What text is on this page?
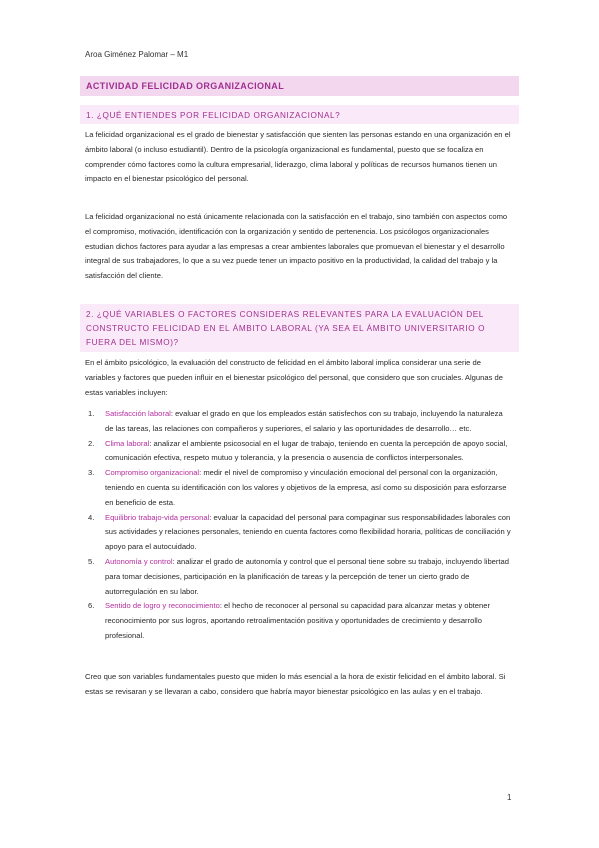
Aroa Giménez Palomar – M1
ACTIVIDAD FELICIDAD ORGANIZACIONAL
1. ¿QUÉ ENTIENDES POR FELICIDAD ORGANIZACIONAL?
La felicidad organizacional es el grado de bienestar y satisfacción que sienten las personas estando en una organización en el ámbito laboral (o incluso estudiantil). Dentro de la psicología organizacional es fundamental, puesto que se focaliza en comprender cómo factores como la cultura empresarial, liderazgo, clima laboral y políticas de recursos humanos tienen un impacto en el bienestar psicológico del personal.
La felicidad organizacional no está únicamente relacionada con la satisfacción en el trabajo, sino también con aspectos como el compromiso, motivación, identificación con la organización y sentido de pertenencia. Los psicólogos organizacionales estudian dichos factores para ayudar a las empresas a crear ambientes laborales que promuevan el bienestar y el desarrollo integral de sus trabajadores, lo que a su vez puede tener un impacto positivo en la productividad, la calidad del trabajo y la satisfacción del cliente.
2. ¿QUÉ VARIABLES O FACTORES CONSIDERAS RELEVANTES PARA LA EVALUACIÓN DEL CONSTRUCTO FELICIDAD EN EL ÁMBITO LABORAL (YA SEA EL ÁMBITO UNIVERSITARIO O FUERA DEL MISMO)?
En el ámbito psicológico, la evaluación del constructo de felicidad en el ámbito laboral implica considerar una serie de variables y factores que pueden influir en el bienestar psicológico del personal, que considero que son cruciales. Algunas de estas variables incluyen:
1. Satisfacción laboral: evaluar el grado en que los empleados están satisfechos con su trabajo, incluyendo la naturaleza de las tareas, las relaciones con compañeros y superiores, el salario y las oportunidades de desarrollo… etc.
2. Clima laboral: analizar el ambiente psicosocial en el lugar de trabajo, teniendo en cuenta la percepción de apoyo social, comunicación efectiva, respeto mutuo y tolerancia, y la presencia o ausencia de conflictos interpersonales.
3. Compromiso organizacional: medir el nivel de compromiso y vinculación emocional del personal con la organización, teniendo en cuenta su identificación con los valores y objetivos de la empresa, así como su disposición para esforzarse en beneficio de esta.
4. Equilibrio trabajo-vida personal: evaluar la capacidad del personal para compaginar sus responsabilidades laborales con sus actividades y relaciones personales, teniendo en cuenta factores como flexibilidad horaria, políticas de conciliación y apoyo para el autocuidado.
5. Autonomía y control: analizar el grado de autonomía y control que el personal tiene sobre su trabajo, incluyendo libertad para tomar decisiones, participación en la planificación de tareas y la percepción de tener un cierto grado de autorregulación en su labor.
6. Sentido de logro y reconocimiento: el hecho de reconocer al personal su capacidad para alcanzar metas y obtener reconocimiento por sus logros, aportando retroalimentación positiva y oportunidades de crecimiento y desarrollo profesional.
Creo que son variables fundamentales puesto que miden lo más esencial a la hora de existir felicidad en el ámbito laboral. Si estas se revisaran y se llevaran a cabo, considero que habría mayor bienestar psicológico en las aulas y en el trabajo.
1
